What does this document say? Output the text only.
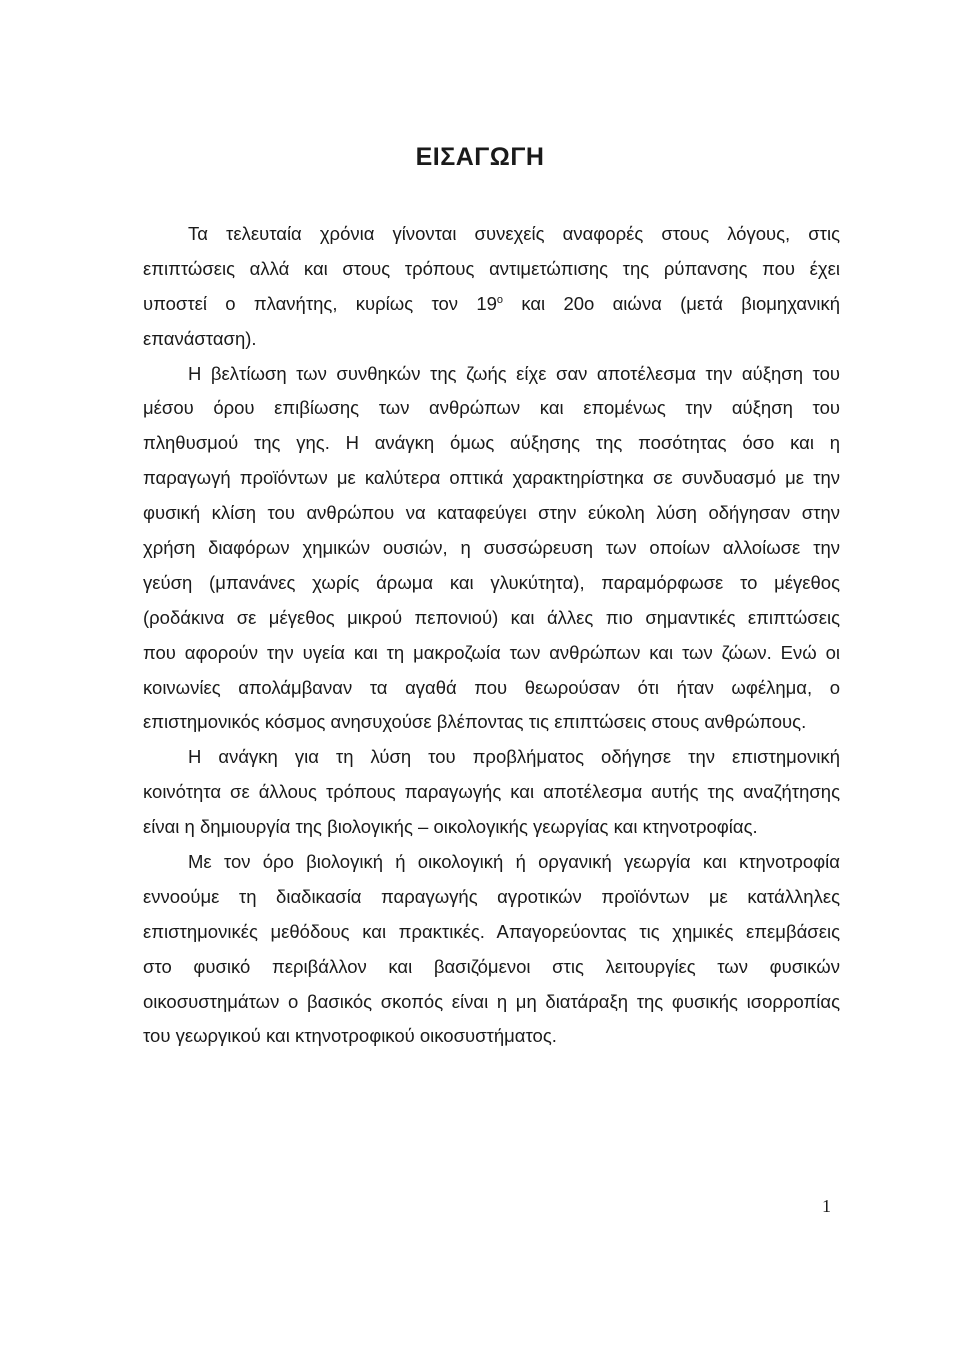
ΕΙΣΑΓΩΓΗ
Τα τελευταία χρόνια γίνονται συνεχείς αναφορές στους λόγους, στις
επιπτώσεις αλλά και στους τρόπους αντιμετώπισης της ρύπανσης που έχει
υποστεί ο πλανήτης, κυρίως τον $19^o$ και 20ο αιώνα (μετά βιομηχανική
επανάσταση).
Η βελτίωση των συνθηκών της ζωής είχε σαν αποτέλεσμα την αύξηση του
μέσου όρου επιβίωσης των ανθρώπων και επομένως την αύξηση του
πληθυσμού της γης. Η ανάγκη όμως αύξησης της ποσότητας όσο και η
παραγωγή προϊόντων με καλύτερα οπτικά χαρακτηρίστηκα σε συνδυασμό με την
φυσική κλίση του ανθρώπου να καταφεύγει στην εύκολη λύση οδήγησαν στην
χρήση διαφόρων χημικών ουσιών, η συσσώρευση των οποίων αλλοίωσε την
γεύση (μπανάνες χωρίς άρωμα και γλυκύτητα), παραμόρφωσε το μέγεθος
(ροδάκινα σε μέγεθος μικρού πεπονιού) και άλλες πιο σημαντικές επιπτώσεις
που αφορούν την υγεία και τη μακροζωία των ανθρώπων και των ζώων. Ενώ οι
κοινωνίες απολάμβαναν τα αγαθά που θεωρούσαν ότι ήταν ωφέλημα, ο
επιστημονικός κόσμος ανησυχούσε βλέποντας τις επιπτώσεις στους ανθρώπους.
Η ανάγκη για τη λύση του προβλήματος οδήγησε την επιστημονική
κοινότητα σε άλλους τρόπους παραγωγής και αποτέλεσμα αυτής της αναζήτησης
είναι η δημιουργία της βιολογικής – οικολογικής γεωργίας και κτηνοτροφίας.
Με τον όρο βιολογική ή οικολογική ή οργανική γεωργία και κτηνοτροφία
εννοούμε τη διαδικασία παραγωγής αγροτικών προϊόντων με κατάλληλες
επιστημονικές μεθόδους και πρακτικές. Απαγορεύοντας τις χημικές επεμβάσεις
στο φυσικό περιβάλλον και βασιζόμενοι στις λειτουργίες των φυσικών
οικοσυστημάτων ο βασικός σκοπός είναι η μη διατάραξη της φυσικής ισορροπίας
του γεωργικού και κτηνοτροφικού οικοσυστήματος.
1
